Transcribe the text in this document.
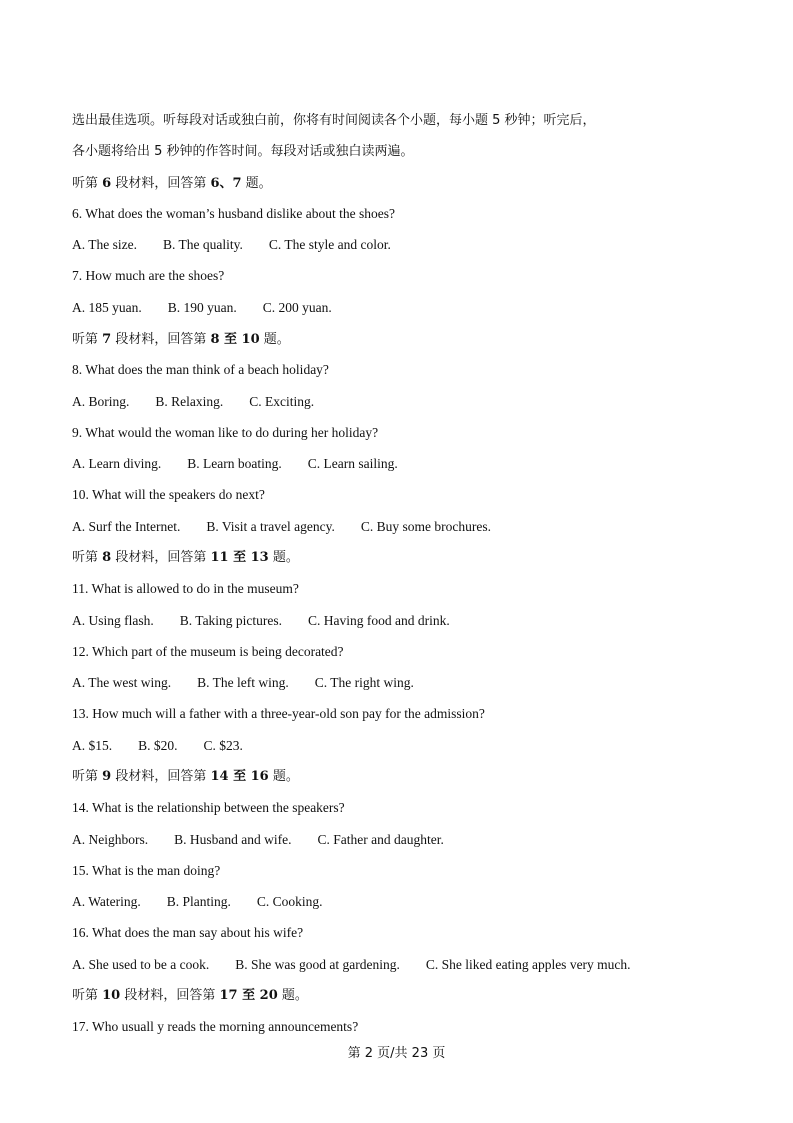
选出最佳选项。听每段对话或独白前，你将有时间阅读各个小题，每小题 5 秒钟；听完后，
各小题将给出 5 秒钟的作答时间。每段对话或独白读两遍。
听第 6 段材料，回答第 6、7 题。
6. What does the woman’s husband dislike about the shoes?
A. The size. B. The quality. C. The style and color.
7. How much are the shoes?
A. 185 yuan. B. 190 yuan. C. 200 yuan.
听第 7 段材料，回答第 8 至 10 题。
8. What does the man think of a beach holiday?
A. Boring. B. Relaxing. C. Exciting.
9. What would the woman like to do during her holiday?
A. Learn diving. B. Learn boating. C. Learn sailing.
10. What will the speakers do next?
A. Surf the Internet. B. Visit a travel agency. C. Buy some brochures.
听第 8 段材料，回答第 11 至 13 题。
11. What is allowed to do in the museum?
A. Using flash. B. Taking pictures. C. Having food and drink.
12. Which part of the museum is being decorated?
A. The west wing. B. The left wing. C. The right wing.
13. How much will a father with a three-year-old son pay for the admission?
A. $15. B. $20. C. $23.
听第 9 段材料，回答第 14 至 16 题。
14. What is the relationship between the speakers?
A. Neighbors. B. Husband and wife. C. Father and daughter.
15. What is the man doing?
A. Watering. B. Planting. C. Cooking.
16. What does the man say about his wife?
A. She used to be a cook. B. She was good at gardening. C. She liked eating apples very much.
听第 10 段材料，回答第 17 至 20 题。
17. Who usuall y reads the morning announcements?
第 2 页/共 23 页
